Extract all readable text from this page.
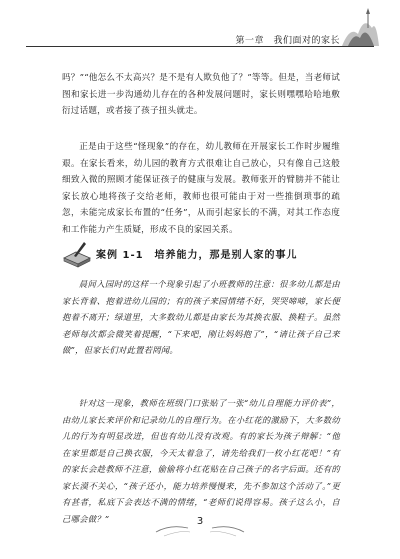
第一章　我们面对的家长
吗？”“他怎么不太高兴？是不是有人欺负他了？”等等。但是，当老师试图和家长进一步沟通幼儿存在的各种发展问题时，家长则嘿嘿哈哈地敷衍过话题，或者接了孩子扭头就走。
正是由于这些“怪现象”的存在，幼儿教师在开展家长工作时步履维艰。在家长看来，幼儿园的教育方式很难让自己放心，只有像自己这般细致入微的照顾才能保证孩子的健康与发展。教师张开的臂膀并不能让家长放心地将孩子交给老师，教师也很可能由于对一些推倒琐事的疏忽，未能完成家长布置的“任务”，从而引起家长的不满，对其工作态度和工作能力产生质疑，形成不良的家园关系。
案例 1-1　培养能力，那是别人家的事儿
晨间入园时的这样一个现象引起了小班教师的注意：很多幼儿都是由家长背着、抱着进幼儿园的；有的孩子来园情绪不好，哭哭啼啼，家长便抱着不离开；绿道里，大多数幼儿都是由家长为其换衣服、换鞋子。虽然老师每次都会微笑着提醒，“下来吧，刚让妈妈抱了”，“请让孩子自己来做”，但家长们对此置若罔闻。
针对这一现象，教师在班级门口张贴了一张“幼儿自理能力评价表”，由幼儿家长来评价和记录幼儿的自理行为。在小红花的激励下，大多数幼儿的行为有明显改进，但也有幼儿没有改观。有的家长为孩子辩解：“他在家里都是自己换衣服，今天太着急了，请先给我们一枚小红花吧！”有的家长会趁教师不注意，偷偷将小红花贴在自己孩子的名字后面。还有的家长漠不关心，“孩子还小，能力培养慢慢来，先不参加这个活动了。”更有甚者，私底下会表达不满的情绪，“老师们说得容易。孩子这么小，自己哪会做？”	3
